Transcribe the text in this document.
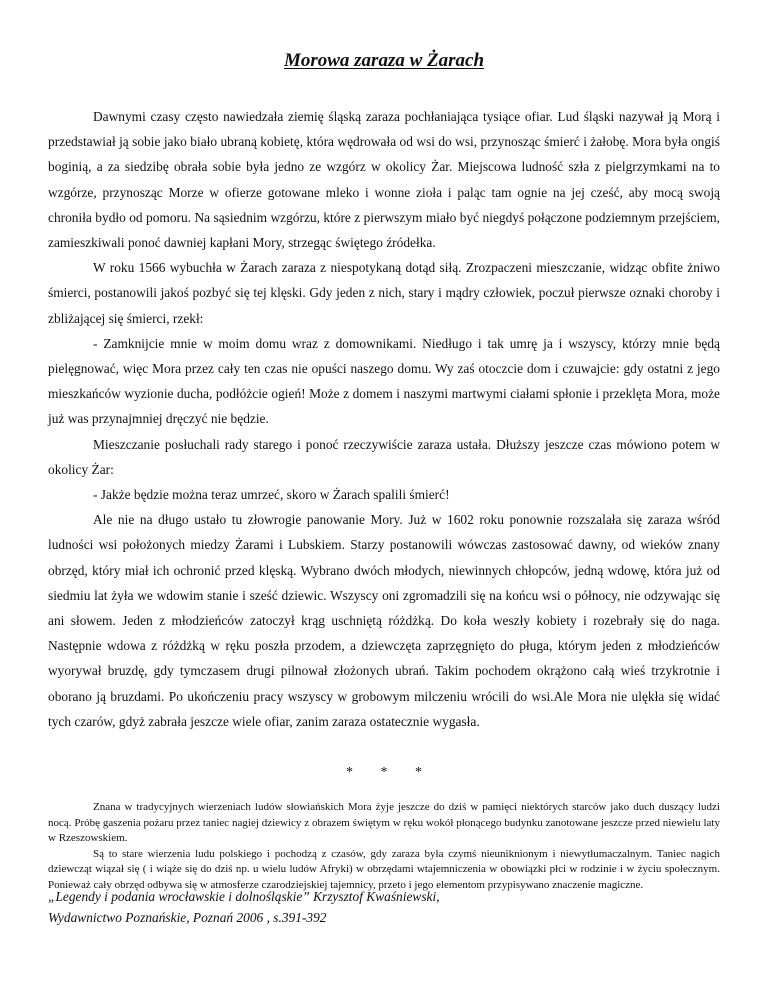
Morowa zaraza w Żarach

Dawnymi czasy często nawiedzała ziemię śląską zaraza pochłaniająca tysiące ofiar. Lud śląski nazywał ją Morą i przedstawiał ją sobie jako biało ubraną kobietę, która wędrowała od wsi do wsi, przynosząc śmierć i żałobę. Mora była ongiś boginią, a za siedzibę obrała sobie była jedno ze wzgórz w okolicy Żar. Miejscowa ludność szła z pielgrzymkami na to wzgórze, przynosząc Morze w ofierze gotowane mleko i wonne zioła i paląc tam ognie na jej cześć, aby mocą swoją chroniła bydło od pomoru. Na sąsiednim wzgórzu, które z pierwszym miało być niegdyś połączone podziemnym przejściem, zamieszkiwali ponoć dawniej kapłani Mory, strzegąc świętego źródełka.

W roku 1566 wybuchła w Żarach zaraza z niespotykaną dotąd siłą. Zrozpaczeni mieszczanie, widząc obfite żniwo śmierci, postanowili jakoś pozbyć się tej klęski. Gdy jeden z nich, stary i mądry człowiek, poczuł pierwsze oznaki choroby i zbliżającej się śmierci, rzekł:

- Zamknijcie mnie w moim domu wraz z domownikami. Niedługo i tak umrę ja i wszyscy, którzy mnie będą pielęgnować, więc Mora przez cały ten czas nie opuści naszego domu. Wy zaś otoczcie dom i czuwajcie: gdy ostatni z jego mieszkańców wyzionie ducha, podłóżcie ogień! Może z domem i naszymi martwymi ciałami spłonie i przeklęta Mora, może już was przynajmniej dręczyć nie będzie.

Mieszczanie posłuchali rady starego i ponoć rzeczywiście zaraza ustała. Dłuższy jeszcze czas mówiono potem w okolicy Żar:

- Jakże będzie można teraz umrzeć, skoro w Żarach spalili śmierć!

Ale nie na długo ustało tu złowrogie panowanie Mory. Już w 1602 roku ponownie rozszalała się zaraza wśród ludności wsi położonych miedzy Żarami i Lubskiem. Starzy postanowili wówczas zastosować dawny, od wieków znany obrzęd, który miał ich ochronić przed klęską. Wybrano dwóch młodych, niewinnych chłopców, jedną wdowę, która już od siedmiu lat żyła we wdowim stanie i sześć dziewic. Wszyscy oni zgromadzili się na końcu wsi o północy, nie odzywając się ani słowem. Jeden z młodzieńców zatoczył krąg uschniętą różdżką. Do koła weszły kobiety i rozebrały się do naga. Następnie wdowa z różdżką w ręku poszła przodem, a dziewczęta zaprzęgnięto do pługa, którym jeden z młodzieńców wyorywał bruzdę, gdy tymczasem drugi pilnował złożonych ubrań. Takim pochodem okrążono całą wieś trzykrotnie i oborano ją bruzdami. Po ukończeniu pracy wszyscy w grobowym milczeniu wrócili do wsi.Ale Mora nie ulękła się widać tych czarów, gdyż zabrała jeszcze wiele ofiar, zanim zaraza ostatecznie wygasła.

* * *

Znana w tradycyjnych wierzeniach ludów słowiańskich Mora żyje jeszcze do dziś w pamięci niektórych starców jako duch duszący ludzi nocą. Próbę gaszenia pożaru przez taniec nagiej dziewicy z obrazem świętym w ręku wokół płonącego budynku zanotowane jeszcze przed niewielu laty w Rzeszowskiem.

Są to stare wierzenia ludu polskiego i pochodzą z czasów, gdy zaraza była czymś nieuniknionym i niewytłumaczalnym. Taniec nagich dziewcząt wiązał się ( i wiąże się do dziś np. u wielu ludów Afryki) w obrzędami wtajemniczenia w obowiązki płci w rodzinie i w życiu społecznym. Ponieważ cały obrzęd odbywa się w atmosferze czarodziejskiej tajemnicy, przeto i jego elementom przypisywano znaczenie magiczne.

„Legendy i podania wrocławskie i dolnośląskie” Krzysztof Kwaśniewski,
Wydawnictwo Poznańskie, Poznań 2006 , s.391-392
